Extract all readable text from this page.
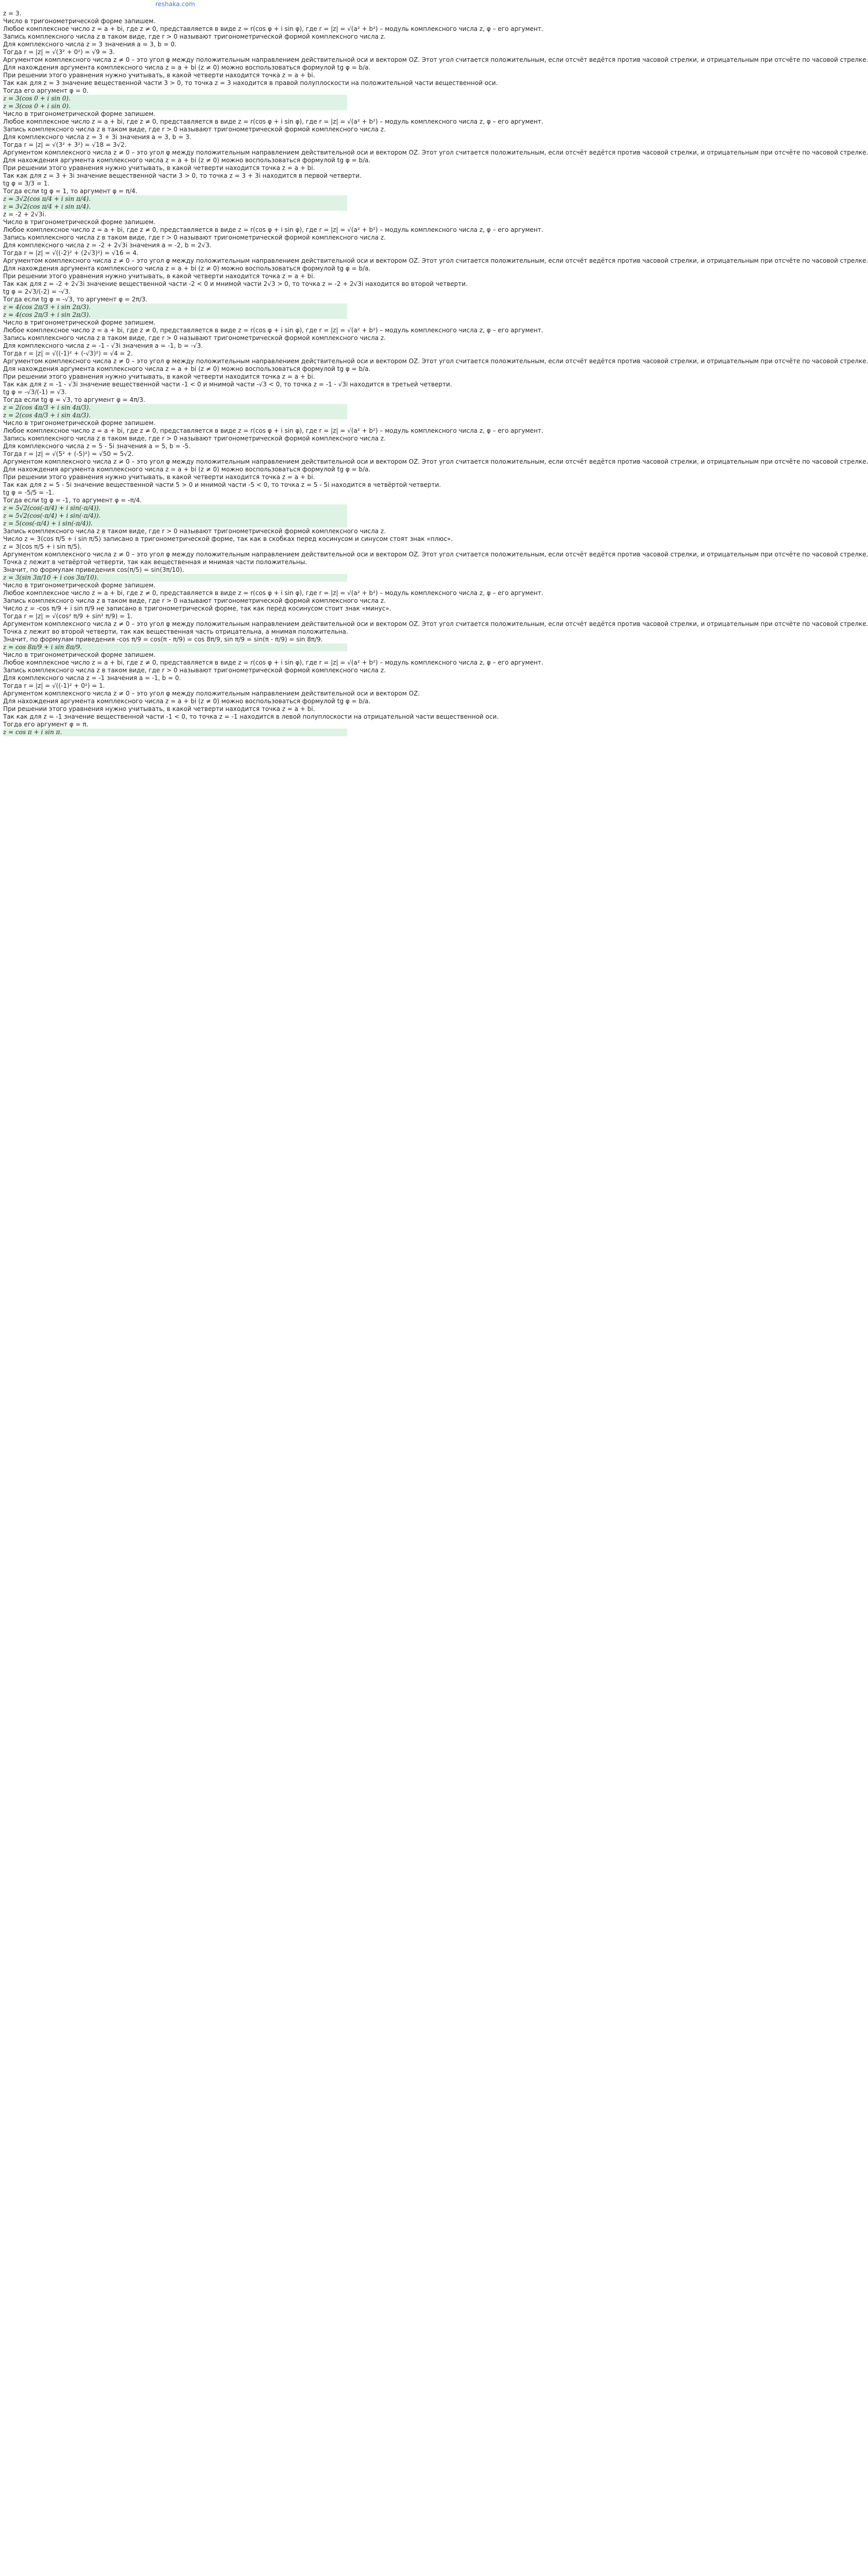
reshaka.com
z = 3.
Число в тригонометрической форме запишем.
Любое комплексное число z = a + bi, где z ≠ 0, представляется в виде z = r(cos φ + i sin φ), где r = |z| = √(a² + b²) – модуль комплексного числа z, φ – его аргумент.
Запись комплексного числа z в таком виде, где r > 0 называют тригонометрической формой комплексного числа z.
Для комплексного числа z = 3 значения a = 3, b = 0.
Тогда r = |z| = √(3² + 0²) = √9 = 3.
Аргументом комплексного числа z ≠ 0 – это угол φ между положительным направлением действительной оси и вектором OZ. Этот угол считается положительным, если отсчёт ведётся против часовой стрелки, и отрицательным при отсчёте по часовой стрелке.
Для нахождения аргумента комплексного числа z = a + bi (z ≠ 0) можно воспользоваться формулой tg φ = b/a.
При решении этого уравнения нужно учитывать, в какой четверти находится точка z = a + bi.
Так как для z = 3 значение вещественной части 3 > 0, то точка z = 3 находится в правой полуплоскости на положительной части вещественной оси.
Тогда его аргумент φ = 0.
z = 3(cos 0 + i sin 0).
z = 3(cos 0 + i sin 0).
Число в тригонометрической форме запишем.
Любое комплексное число z = a + bi, где z ≠ 0, представляется в виде z = r(cos φ + i sin φ), где r = |z| = √(a² + b²) – модуль комплексного числа z, φ – его аргумент.
Запись комплексного числа z в таком виде, где r > 0 называют тригонометрической формой комплексного числа z.
Для комплексного числа z = 3 + 3i значения a = 3, b = 3.
Тогда r = |z| = √(3² + 3²) = √18 = 3√2.
Аргументом комплексного числа z ≠ 0 – это угол φ между положительным направлением действительной оси и вектором OZ. Этот угол считается положительным, если отсчёт ведётся против часовой стрелки, и отрицательным при отсчёте по часовой стрелке.
Для нахождения аргумента комплексного числа z = a + bi (z ≠ 0) можно воспользоваться формулой tg φ = b/a.
При решении этого уравнения нужно учитывать, в какой четверти находится точка z = a + bi.
Так как для z = 3 + 3i значение вещественной части 3 > 0, то точка z = 3 + 3i находится в первой четверти.
tg φ = 3/3 = 1.
Тогда если tg φ = 1, то аргумент φ = π/4.
z = 3√2(cos π/4 + i sin π/4).
z = 3√2(cos π/4 + i sin π/4).
z = -2 + 2√3i.
Число в тригонометрической форме запишем.
Любое комплексное число z = a + bi, где z ≠ 0, представляется в виде z = r(cos φ + i sin φ), где r = |z| = √(a² + b²) – модуль комплексного числа z, φ – его аргумент.
Запись комплексного числа z в таком виде, где r > 0 называют тригонометрической формой комплексного числа z.
Для комплексного числа z = -2 + 2√3i значения a = -2, b = 2√3.
Тогда r = |z| = √((-2)² + (2√3)²) = √16 = 4.
Аргументом комплексного числа z ≠ 0 – это угол φ между положительным направлением действительной оси и вектором OZ. Этот угол считается положительным, если отсчёт ведётся против часовой стрелки, и отрицательным при отсчёте по часовой стрелке.
Для нахождения аргумента комплексного числа z = a + bi (z ≠ 0) можно воспользоваться формулой tg φ = b/a.
При решении этого уравнения нужно учитывать, в какой четверти находится точка z = a + bi.
Так как для z = -2 + 2√3i значение вещественной части -2 < 0 и мнимой части 2√3 > 0, то точка z = -2 + 2√3i находится во второй четверти.
tg φ = 2√3/(-2) = -√3.
Тогда если tg φ = -√3, то аргумент φ = 2π/3.
z = 4(cos 2π/3 + i sin 2π/3).
z = 4(cos 2π/3 + i sin 2π/3).
Число в тригонометрической форме запишем.
Любое комплексное число z = a + bi, где z ≠ 0, представляется в виде z = r(cos φ + i sin φ), где r = |z| = √(a² + b²) – модуль комплексного числа z, φ – его аргумент.
Запись комплексного числа z в таком виде, где r > 0 называют тригонометрической формой комплексного числа z.
Для комплексного числа z = -1 - √3i значения a = -1, b = -√3.
Тогда r = |z| = √((-1)² + (-√3)²) = √4 = 2.
Аргументом комплексного числа z ≠ 0 – это угол φ между положительным направлением действительной оси и вектором OZ. Этот угол считается положительным, если отсчёт ведётся против часовой стрелки, и отрицательным при отсчёте по часовой стрелке.
Для нахождения аргумента комплексного числа z = a + bi (z ≠ 0) можно воспользоваться формулой tg φ = b/a.
При решении этого уравнения нужно учитывать, в какой четверти находится точка z = a + bi.
Так как для z = -1 - √3i значение вещественной части -1 < 0 и мнимой части -√3 < 0, то точка z = -1 - √3i находится в третьей четверти.
tg φ = -√3/(-1) = √3.
Тогда если tg φ = √3, то аргумент φ = 4π/3.
z = 2(cos 4π/3 + i sin 4π/3).
z = 2(cos 4π/3 + i sin 4π/3).
Число в тригонометрической форме запишем.
Любое комплексное число z = a + bi, где z ≠ 0, представляется в виде z = r(cos φ + i sin φ), где r = |z| = √(a² + b²) – модуль комплексного числа z, φ – его аргумент.
Запись комплексного числа z в таком виде, где r > 0 называют тригонометрической формой комплексного числа z.
Для комплексного числа z = 5 - 5i значения a = 5, b = -5.
Тогда r = |z| = √(5² + (-5)²) = √50 = 5√2.
Аргументом комплексного числа z ≠ 0 – это угол φ между положительным направлением действительной оси и вектором OZ. Этот угол считается положительным, если отсчёт ведётся против часовой стрелки, и отрицательным при отсчёте по часовой стрелке.
Для нахождения аргумента комплексного числа z = a + bi (z ≠ 0) можно воспользоваться формулой tg φ = b/a.
При решении этого уравнения нужно учитывать, в какой четверти находится точка z = a + bi.
Так как для z = 5 - 5i значение вещественной части 5 > 0 и мнимой части -5 < 0, то точка z = 5 - 5i находится в четвёртой четверти.
tg φ = -5/5 = -1.
Тогда если tg φ = -1, то аргумент φ = -π/4.
z = 5√2(cos(-π/4) + i sin(-π/4)).
z = 5√2(cos(-π/4) + i sin(-π/4)).
z = 5(cos(-π/4) + i sin(-π/4)).
Запись комплексного числа z в таком виде, где r > 0 называют тригонометрической формой комплексного числа z.
Число z = 3(cos π/5 + i sin π/5) записано в тригонометрической форме, так как в скобках перед косинусом и синусом стоят знак «плюс».
z = 3(cos π/5 + i sin π/5).
Аргументом комплексного числа z ≠ 0 – это угол φ между положительным направлением действительной оси и вектором OZ. Этот угол считается положительным, если отсчёт ведётся против часовой стрелки, и отрицательным при отсчёте по часовой стрелке.
Точка z лежит в четвёртой четверти, так как вещественная и мнимая части положительны.
Значит, по формулам приведения cos(π/5) = sin(3π/10).
z = 3(sin 3π/10 + i cos 3π/10).
Число в тригонометрической форме запишем.
Любое комплексное число z = a + bi, где z ≠ 0, представляется в виде z = r(cos φ + i sin φ), где r = |z| = √(a² + b²) – модуль комплексного числа z, φ – его аргумент.
Запись комплексного числа z в таком виде, где r > 0 называют тригонометрической формой комплексного числа z.
Число z = -cos π/9 + i sin π/9 не записано в тригонометрической форме, так как перед косинусом стоит знак «минус».
Тогда r = |z| = √(cos² π/9 + sin² π/9) = 1.
Аргументом комплексного числа z ≠ 0 – это угол φ между положительным направлением действительной оси и вектором OZ. Этот угол считается положительным, если отсчёт ведётся против часовой стрелки, и отрицательным при отсчёте по часовой стрелке.
Точка z лежит во второй четверти, так как вещественная часть отрицательна, а мнимая положительна.
Значит, по формулам приведения -cos π/9 = cos(π - π/9) = cos 8π/9, sin π/9 = sin(π - π/9) = sin 8π/9.
z = cos 8π/9 + i sin 8π/9.
Число в тригонометрической форме запишем.
Любое комплексное число z = a + bi, где z ≠ 0, представляется в виде z = r(cos φ + i sin φ), где r = |z| = √(a² + b²) – модуль комплексного числа z, φ – его аргумент.
Запись комплексного числа z в таком виде, где r > 0 называют тригонометрической формой комплексного числа z.
Для комплексного числа z = -1 значения a = -1, b = 0.
Тогда r = |z| = √((-1)² + 0²) = 1.
Аргументом комплексного числа z ≠ 0 – это угол φ между положительным направлением действительной оси и вектором OZ.
Для нахождения аргумента комплексного числа z = a + bi (z ≠ 0) можно воспользоваться формулой tg φ = b/a.
При решении этого уравнения нужно учитывать, в какой четверти находится точка z = a + bi.
Так как для z = -1 значение вещественной части -1 < 0, то точка z = -1 находится в левой полуплоскости на отрицательной части вещественной оси.
Тогда его аргумент φ = π.
z = cos π + i sin π.
